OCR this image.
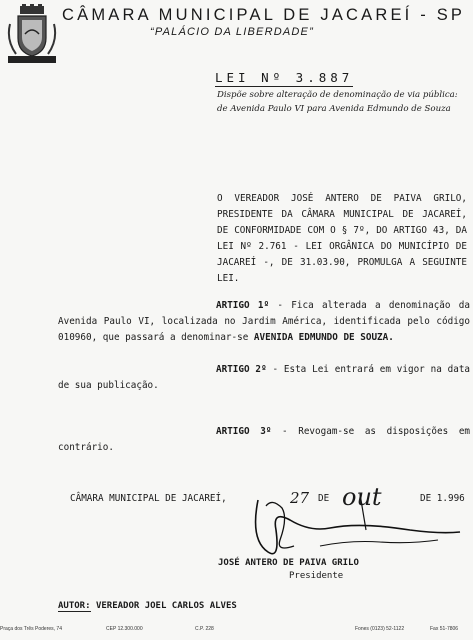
CÂMARA MUNICIPAL DE JACAREÍ - SP
“PALÁCIO DA LIBERDADE”
LEI Nº 3.887
Dispõe sobre alteração de denominação de via pública: de Avenida Paulo VI para Avenida Edmundo de Souza
O VEREADOR JOSÉ ANTERO DE PAIVA GRILO, PRESIDENTE DA CÂMARA MUNICIPAL DE JACAREÍ, DE CONFORMIDADE COM O § 7º, DO ARTIGO 43, DA LEI Nº 2.761 - LEI ORGÂNICA DO MUNICÍPIO DE JACAREÍ -, DE 31.03.90, PROMULGA A SEGUINTE LEI.
ARTIGO 1º - Fica alterada a denominação da Avenida Paulo VI, localizada no Jardim América, identificada pelo código 010960, que passará a denominar-se AVENIDA EDMUNDO DE SOUZA.
ARTIGO 2º - Esta Lei entrará em vigor na data de sua publicação.
ARTIGO 3º - Revogam-se as disposições em contrário.
CÂMARA MUNICIPAL DE JACAREÍ,	27 DE out	DE 1.996
JOSÉ ANTERO DE PAIVA GRILO
Presidente
AUTOR: VEREADOR JOEL CARLOS ALVES
Praça dos Três Poderes, 74	CEP 12.300.000	C.P. 228	Fones (0123) 52-1122	Fax 51-7806
